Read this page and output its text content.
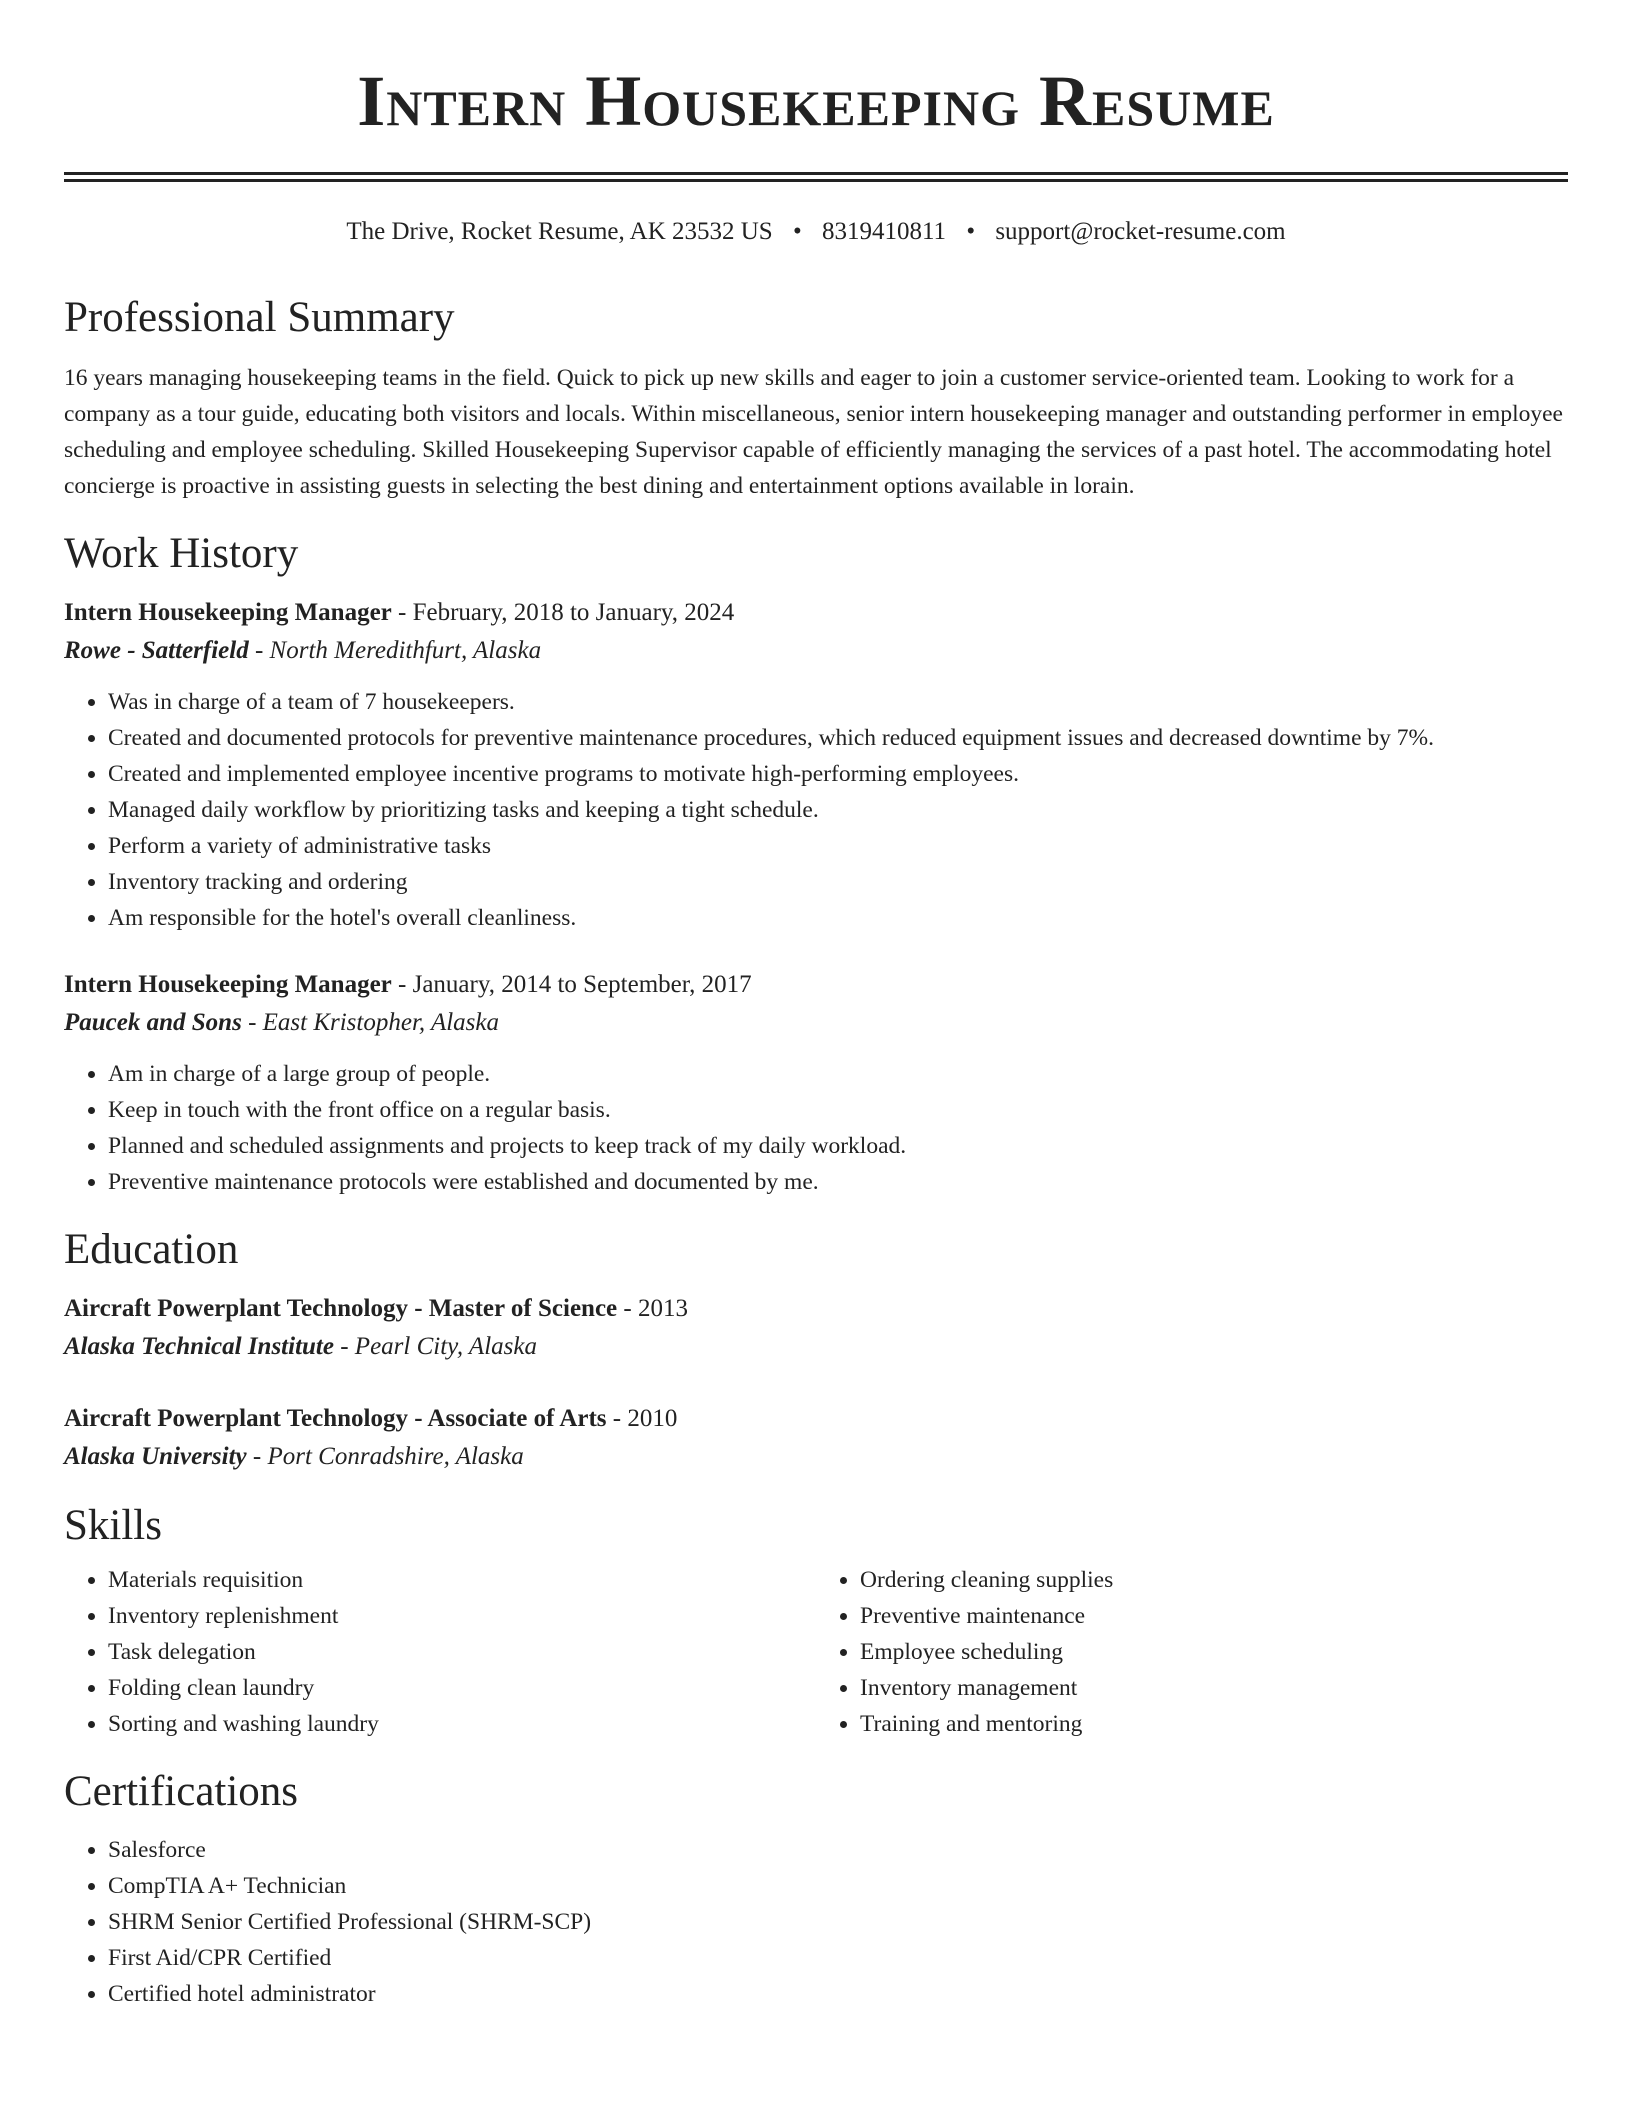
Intern Housekeeping Resume
The Drive, Rocket Resume, AK 23532 US • 8319410811 • support@rocket-resume.com
Professional Summary

16 years managing housekeeping teams in the field. Quick to pick up new skills and eager to join a customer service-oriented team. Looking to work for a company as a tour guide, educating both visitors and locals. Within miscellaneous, senior intern housekeeping manager and outstanding performer in employee scheduling and employee scheduling. Skilled Housekeeping Supervisor capable of efficiently managing the services of a past hotel. The accommodating hotel concierge is proactive in assisting guests in selecting the best dining and entertainment options available in lorain.

Work History
Intern Housekeeping Manager - February, 2018 to January, 2024
Rowe - Satterfield - North Meredithfurt, Alaska
• Was in charge of a team of 7 housekeepers.
• Created and documented protocols for preventive maintenance procedures, which reduced equipment issues and decreased downtime by 7%.
• Created and implemented employee incentive programs to motivate high-performing employees.
• Managed daily workflow by prioritizing tasks and keeping a tight schedule.
• Perform a variety of administrative tasks
• Inventory tracking and ordering
• Am responsible for the hotel's overall cleanliness.
Intern Housekeeping Manager - January, 2014 to September, 2017
Paucek and Sons - East Kristopher, Alaska
• Am in charge of a large group of people.
• Keep in touch with the front office on a regular basis.
• Planned and scheduled assignments and projects to keep track of my daily workload.
• Preventive maintenance protocols were established and documented by me.
Education
Aircraft Powerplant Technology - Master of Science - 2013
Alaska Technical Institute - Pearl City, Alaska
Aircraft Powerplant Technology - Associate of Arts - 2010
Alaska University - Port Conradshire, Alaska
Skills
• Materials requisition
• Inventory replenishment
• Task delegation
• Folding clean laundry
• Sorting and washing laundry
• Ordering cleaning supplies
• Preventive maintenance
• Employee scheduling
• Inventory management
• Training and mentoring
Certifications
• Salesforce
• CompTIA A+ Technician
• SHRM Senior Certified Professional (SHRM-SCP)
• First Aid/CPR Certified
• Certified hotel administrator
